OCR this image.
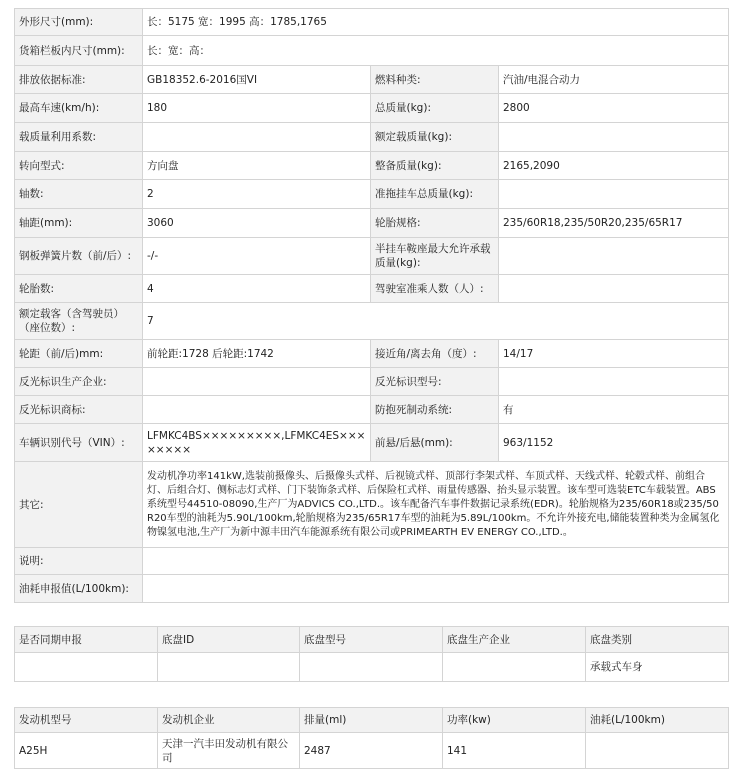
外形尺寸(mm):	长：5175 宽：1995 高：1785,1765		
货箱栏板内尺寸(mm):	长：宽：高：		
排放依据标准:	GB18352.6-2016国VI	燃料种类:	汽油/电混合动力
最高车速(km/h):	180	总质量(kg):	2800
载质量利用系数:		额定载质量(kg):	
转向型式:	方向盘	整备质量(kg):	2165,2090
轴数:	2	准拖挂车总质量(kg):	
轴距(mm):	3060	轮胎规格:	235/60R18,235/50R20,235/65R17
钢板弹簧片数（前/后）:	-/-	半挂车鞍座最大允许承载质量(kg):	
轮胎数:	4	驾驶室准乘人数（人）:	
额定载客（含驾驶员）（座位数）:	7		
轮距（前/后)mm:	前轮距:1728 后轮距:1742	接近角/离去角（度）:	14/17
反光标识生产企业:		反光标识型号:	
反光标识商标:		防抱死制动系统:	有
车辆识别代号（VIN）:	LFMKC4BS×××××××××,LFMKC4ES××××××××	前悬/后悬(mm):	963/1152
其它:	发动机净功率141kW,选装前摄像头、后摄像头式样、后视镜式样、顶部行李架式样、车顶式样、天线式样、轮毂式样、前组合灯、后组合灯、侧标志灯式样、门下装饰条式样、后保险杠式样、雨量传感器、抬头显示装置。该车型可选装ETC车载装置。ABS系统型号44510-08090,生产厂为ADVICS CO.,LTD.。该车配备汽车事件数据记录系统(EDR)。轮胎规格为235/60R18或235/50R20车型的油耗为5.90L/100km,轮胎规格为235/65R17车型的油耗为5.89L/100km。不允许外接充电,储能装置种类为金属氢化物镍氢电池,生产厂为新中源丰田汽车能源系统有限公司或PRIMEARTH EV ENERGY CO.,LTD.。		
说明:			
油耗申报值(L/100km):			
是否同期申报	底盘ID	底盘型号	底盘生产企业	底盘类别
				承载式车身
发动机型号	发动机企业	排量(ml)	功率(kw)	油耗(L/100km)
A25H	天津一汽丰田发动机有限公司	2487	141	
